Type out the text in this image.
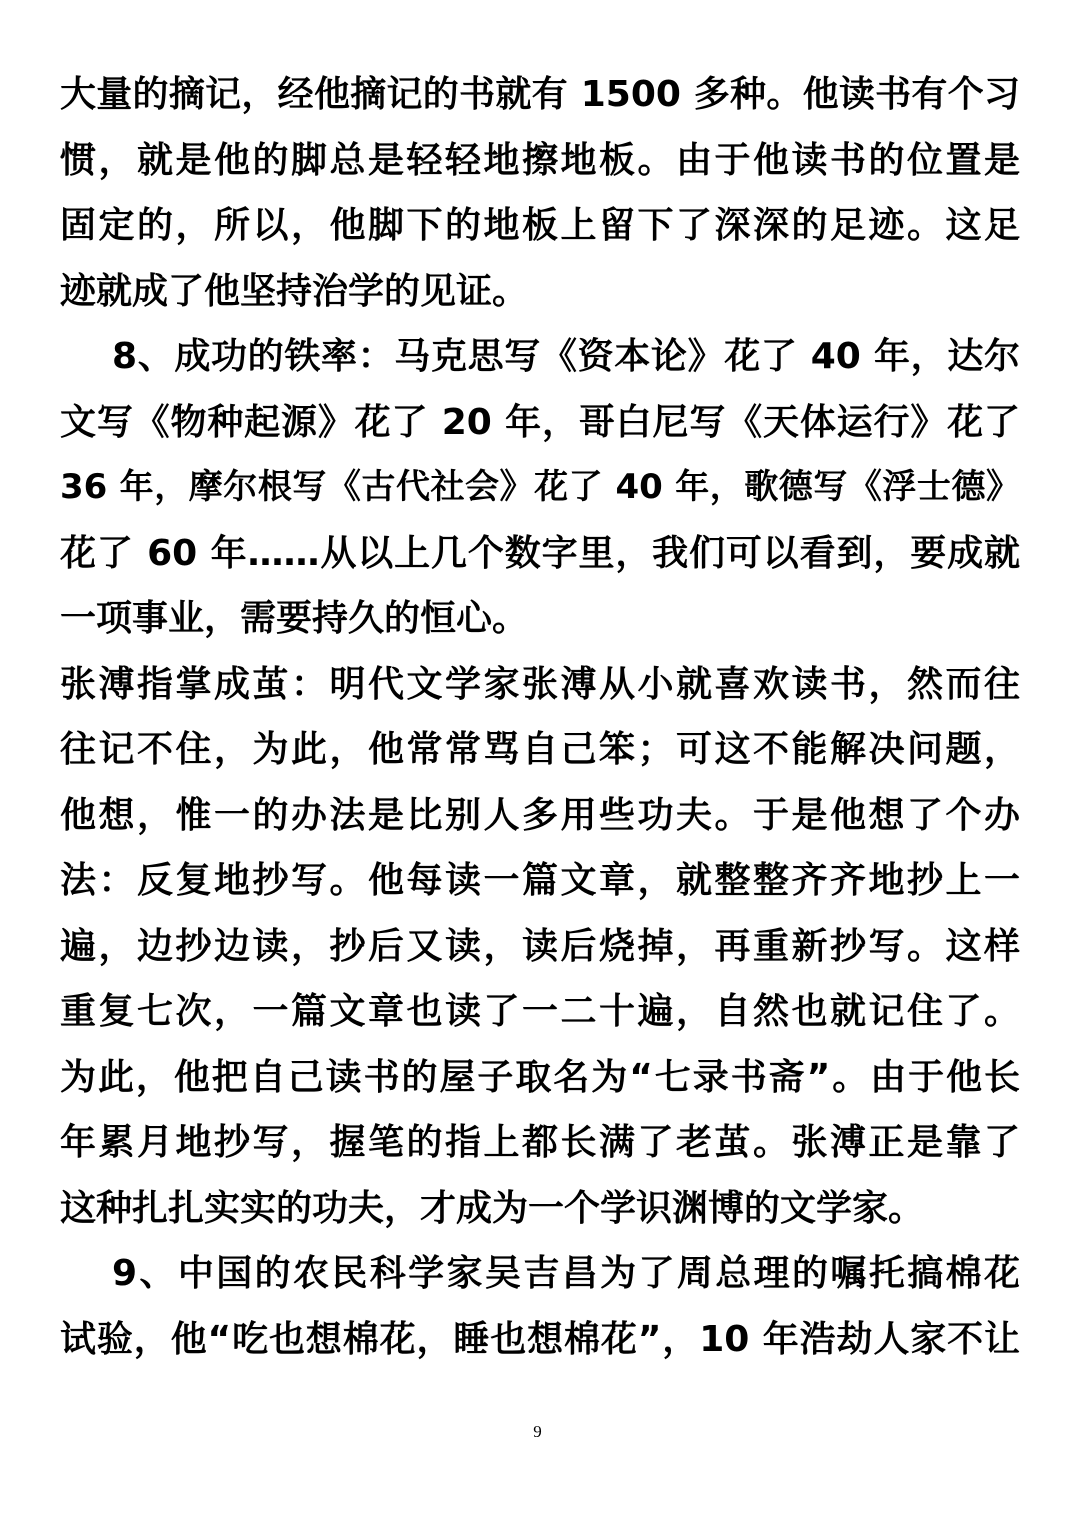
大量的摘记，经他摘记的书就有 1500 多种。他读书有个习
惯，就是他的脚总是轻轻地擦地板。由于他读书的位置是
固定的，所以，他脚下的地板上留下了深深的足迹。这足
迹就成了他坚持治学的见证。
8、成功的铁率：马克思写《资本论》花了 40 年，达尔
文写《物种起源》花了 20 年，哥白尼写《天体运行》花了
36 年，摩尔根写《古代社会》花了 40 年，歌德写《浮士德》
花了 60 年……从以上几个数字里，我们可以看到，要成就
一项事业，需要持久的恒心。
张溥指掌成茧：明代文学家张溥从小就喜欢读书，然而往
往记不住，为此，他常常骂自己笨；可这不能解决问题，
他想，惟一的办法是比别人多用些功夫。于是他想了个办
法：反复地抄写。他每读一篇文章，就整整齐齐地抄上一
遍，边抄边读，抄后又读，读后烧掉，再重新抄写。这样
重复七次，一篇文章也读了一二十遍，自然也就记住了。
为此，他把自己读书的屋子取名为“七录书斋”。由于他长
年累月地抄写，握笔的指上都长满了老茧。张溥正是靠了
这种扎扎实实的功夫，才成为一个学识渊博的文学家。
9、中国的农民科学家吴吉昌为了周总理的嘱托搞棉花
试验，他“吃也想棉花，睡也想棉花”，10 年浩劫人家不让
9
